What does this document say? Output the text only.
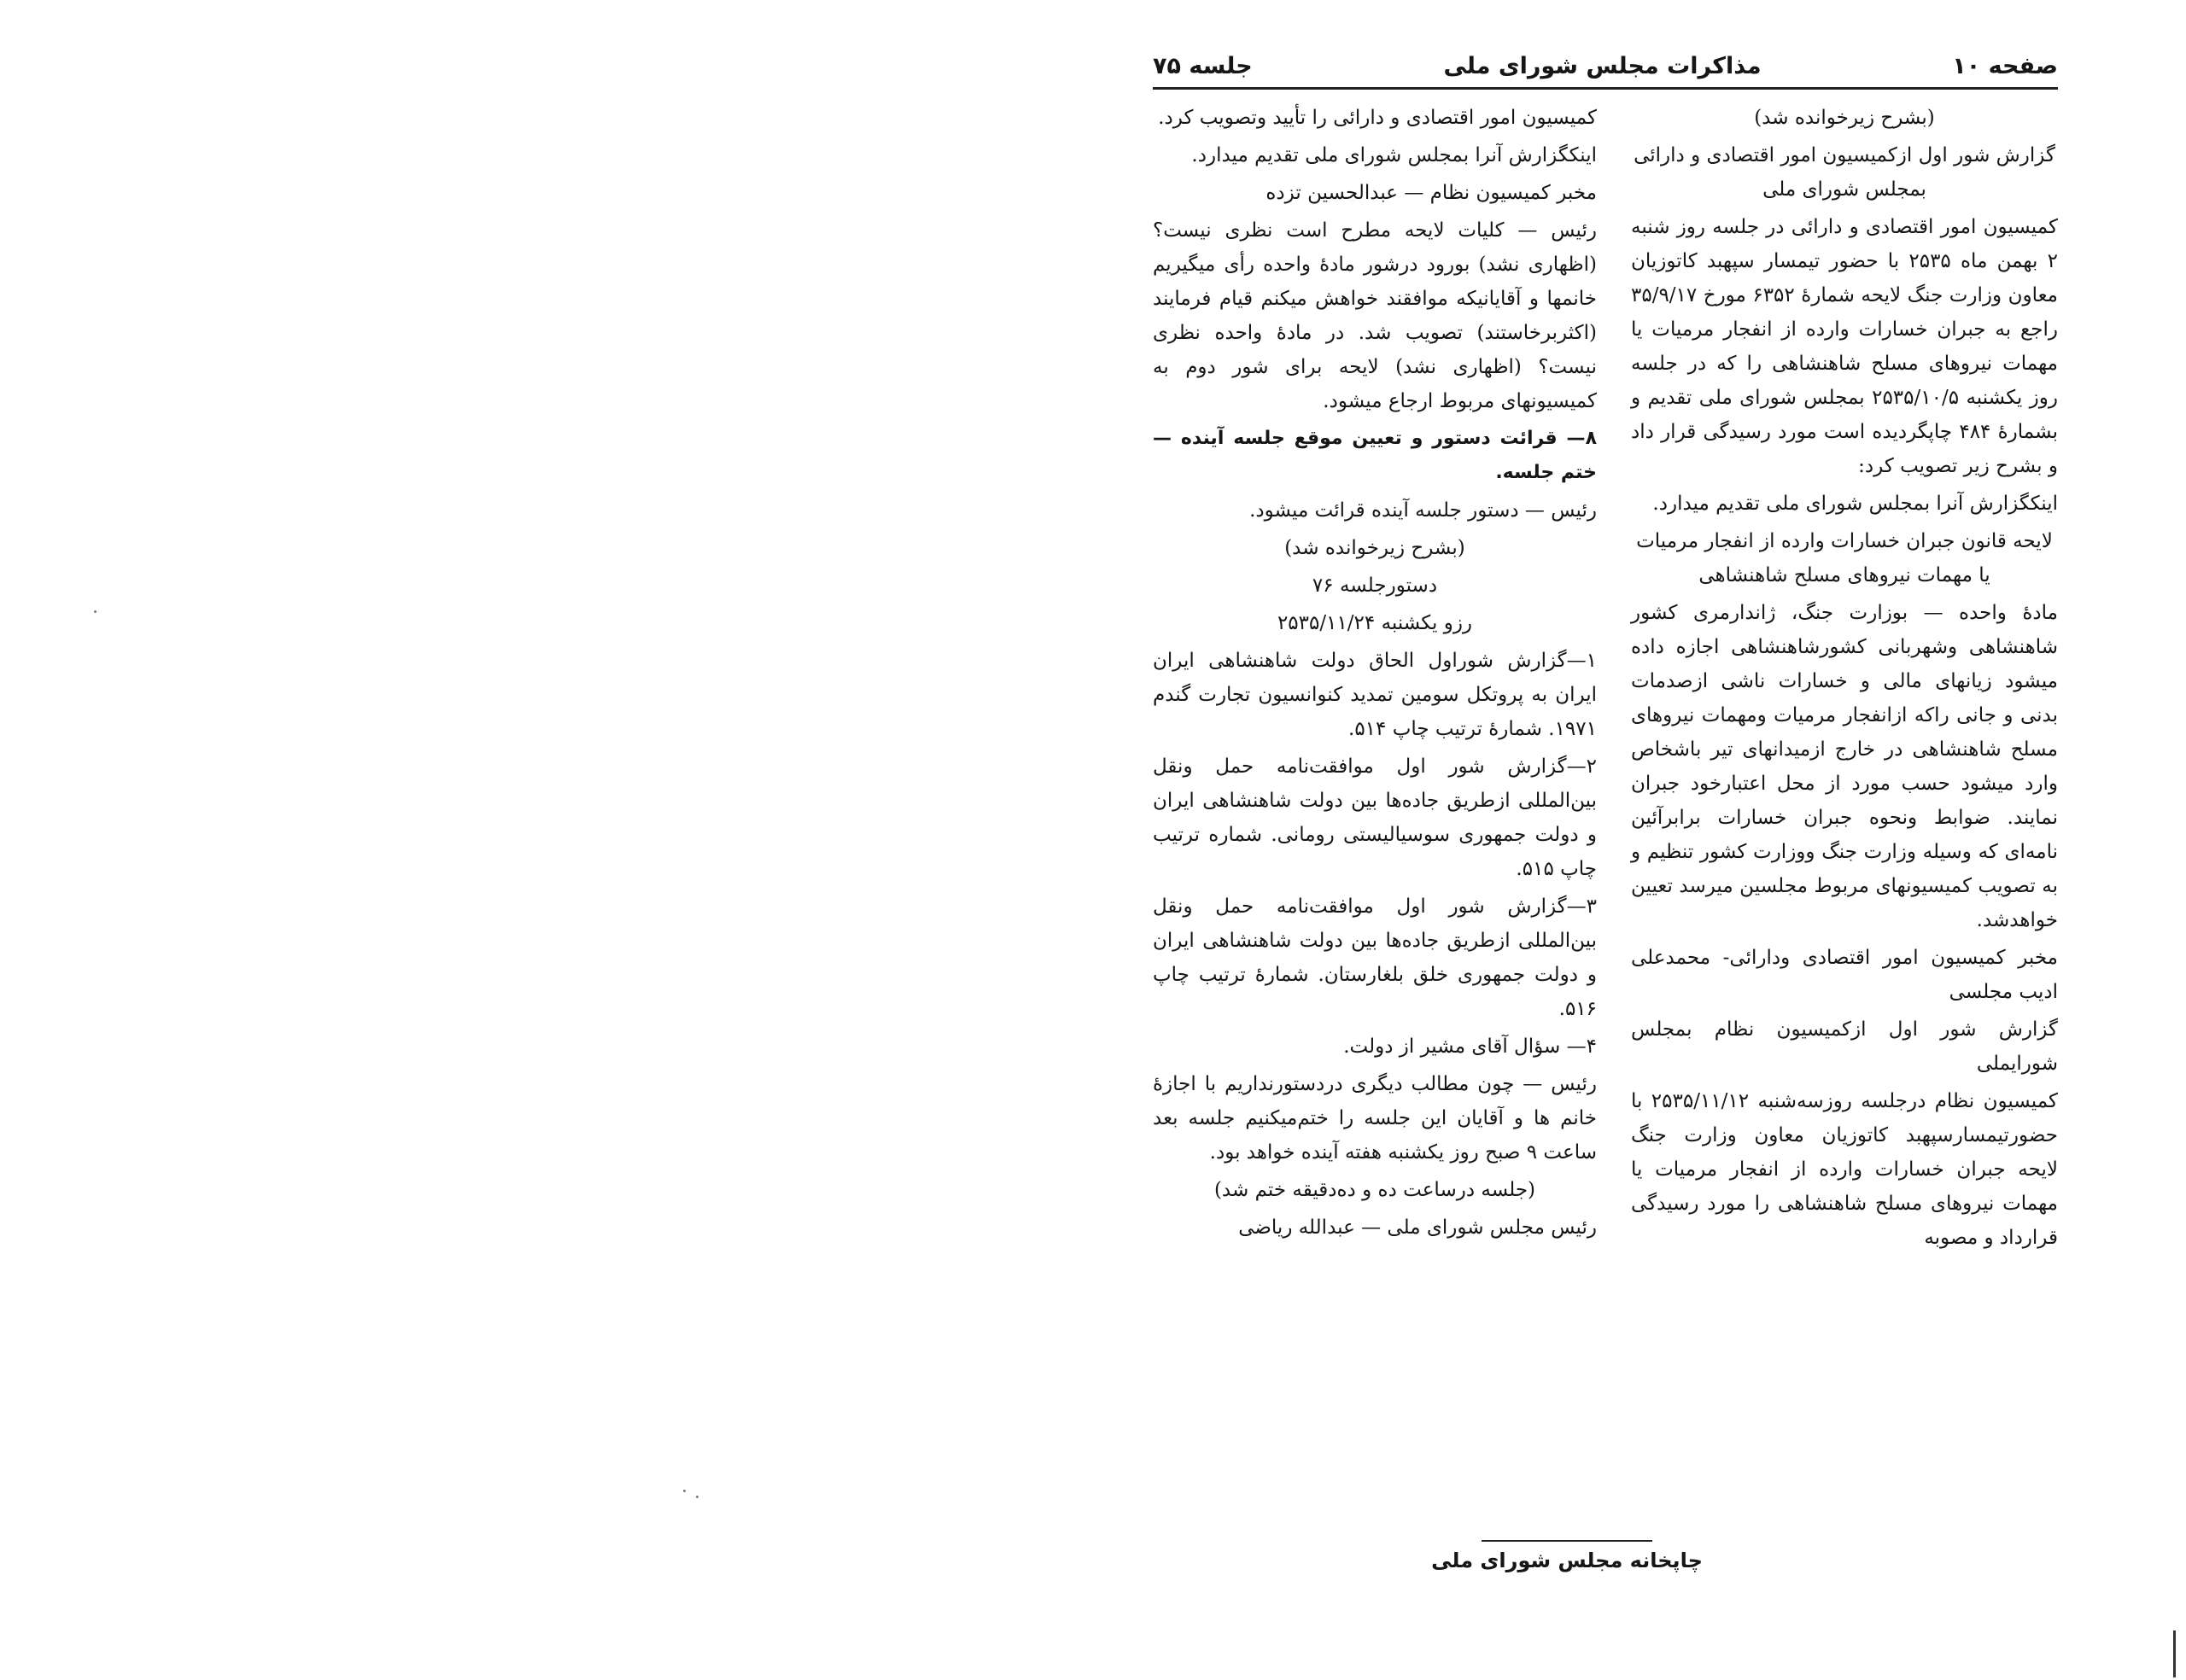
صفحه ۱۰
مذاکرات مجلس شورای ملی
جلسه ۷۵

(بشرح زیرخوانده شد)

گزارش شور اول ازکمیسیون امور اقتصادی و دارائی بمجلس شورای ملی

کمیسیون امور اقتصادی و دارائی در جلسه روز شنبه ۲ بهمن ماه ۲۵۳۵ با حضور تیمسار سپهبد کاتوزیان معاون وزارت جنگ لایحه شمارهٔ ۶۳۵۲ مورخ ۳۵/۹/۱۷ راجع به جبران خسارات وارده از انفجار مرمیات یا مهمات نیروهای مسلح شاهنشاهی را که در جلسه روز یکشنبه ۲۵۳۵/۱۰/۵ بمجلس شورای ملی تقدیم و بشمارهٔ ۴۸۴ چاپگردیده است مورد رسیدگی قرار داد و بشرح زیر تصویب کرد:

اینکگزارش آنرا بمجلس شورای ملی تقدیم میدارد.

لایحه قانون جبران خسارات وارده از انفجار مرمیات یا مهمات نیروهای مسلح شاهنشاهی

مادهٔ واحده — بوزارت جنگ، ژاندارمری کشور شاهنشاهی وشهربانی کشورشاهنشاهی اجازه داده میشود زیانهای مالی و خسارات ناشی ازصدمات بدنی و جانی راکه ازانفجار مرمیات ومهمات نیروهای مسلح شاهنشاهی در خارج ازمیدانهای تیر باشخاص وارد میشود حسب مورد از محل اعتبارخود جبران نمایند. ضوابط ونحوه جبران خسارات برابرآئین نامه‌ای که وسیله وزارت جنگ ووزارت کشور تنظیم و به تصویب کمیسیونهای مربوط مجلسین میرسد تعیین خواهدشد.

مخبر کمیسیون امور اقتصادی ودارائی- محمدعلی ادیب مجلسی

گزارش شور اول ازکمیسیون نظام بمجلس شورایملی

کمیسیون نظام درجلسه روزسه‌شنبه ۲۵۳۵/۱۱/۱۲ با حضورتیمسارسپهبد کاتوزیان معاون وزارت جنگ لایحه جبران خسارات وارده از انفجار مرمیات یا مهمات نیروهای مسلح شاهنشاهی را مورد رسیدگی قرارداد و مصوبه

کمیسیون امور اقتصادی و دارائی را تأیید وتصویب کرد.

اینکگزارش آنرا بمجلس شورای ملی تقدیم میدارد.

مخبر کمیسیون نظام — عبدالحسین تزده

رئیس — کلیات لایحه مطرح است نظری نیست؟ (اظهاری نشد) بورود درشور مادهٔ واحده رأی میگیریم خانمها و آقایانیکه موافقند خواهش میکنم قیام فرمایند (اکثربرخاستند) تصویب شد. در مادهٔ واحده نظری نیست؟ (اظهاری نشد) لایحه برای شور دوم به کمیسیونهای مربوط ارجاع میشود.

۸— قرائت دستور و تعیین موقع جلسه آینده — ختم جلسه.

رئیس — دستور جلسه آینده قرائت میشود.

(بشرح زیرخوانده شد)

دستورجلسه ۷۶

رزو یکشنبه ۲۵۳۵/۱۱/۲۴

۱—گزارش شوراول الحاق دولت شاهنشاهی ایران ایران به پروتکل سومین تمدید کنوانسیون تجارت گندم ۱۹۷۱. شمارهٔ ترتیب چاپ ۵۱۴.

۲—گزارش شور اول موافقت‌نامه حمل ونقل بین‌المللی ازطریق جاده‌ها بین دولت شاهنشاهی ایران و دولت جمهوری سوسیالیستی رومانی. شماره ترتیب چاپ ۵۱۵.

۳—گزارش شور اول موافقت‌نامه حمل ونقل بین‌المللی ازطریق جاده‌ها بین دولت شاهنشاهی ایران و دولت جمهوری خلق بلغارستان. شمارهٔ ترتیب چاپ ۵۱۶.

۴— سؤال آقای مشیر از دولت.

رئیس — چون مطالب دیگری دردستورنداریم با اجازهٔ خانم ها و آقایان این جلسه را ختم‌میکنیم جلسه بعد ساعت ۹ صبح روز یکشنبه هفته آینده خواهد بود.

(جلسه درساعت ده و ده‌دقیقه ختم شد)

رئیس مجلس شورای ملی — عبدالله ریاضی

چاپخانه مجلس شورای ملی
